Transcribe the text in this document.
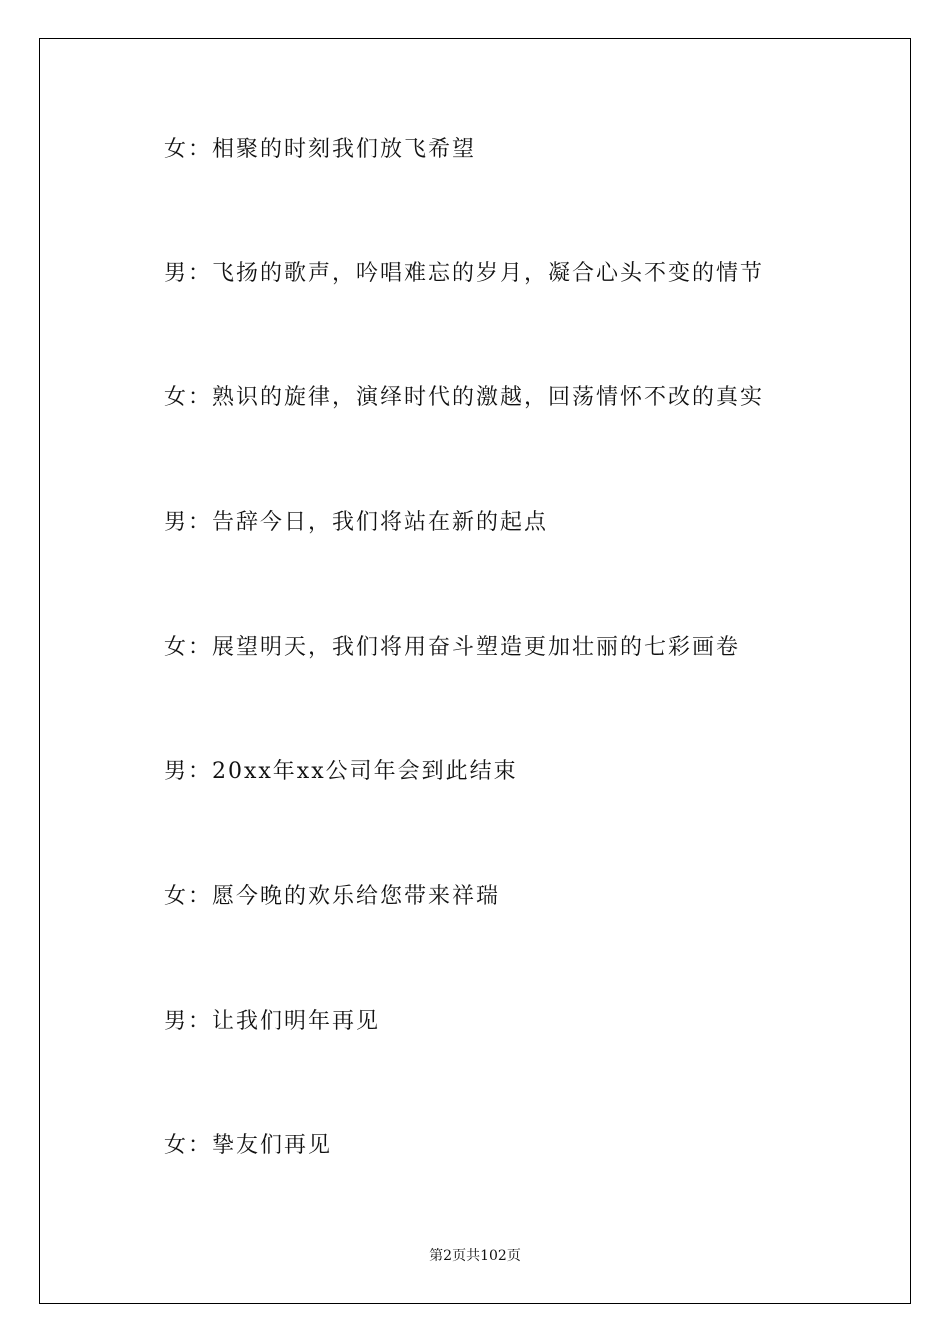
女：相聚的时刻我们放飞希望
男：飞扬的歌声，吟唱难忘的岁月，凝合心头不变的情节
女：熟识的旋律，演绎时代的激越，回荡情怀不改的真实
男：告辞今日，我们将站在新的起点
女：展望明天，我们将用奋斗塑造更加壮丽的七彩画卷
男：20xx年xx公司年会到此结束
女：愿今晚的欢乐给您带来祥瑞
男：让我们明年再见
女：挚友们再见
第2页共102页
